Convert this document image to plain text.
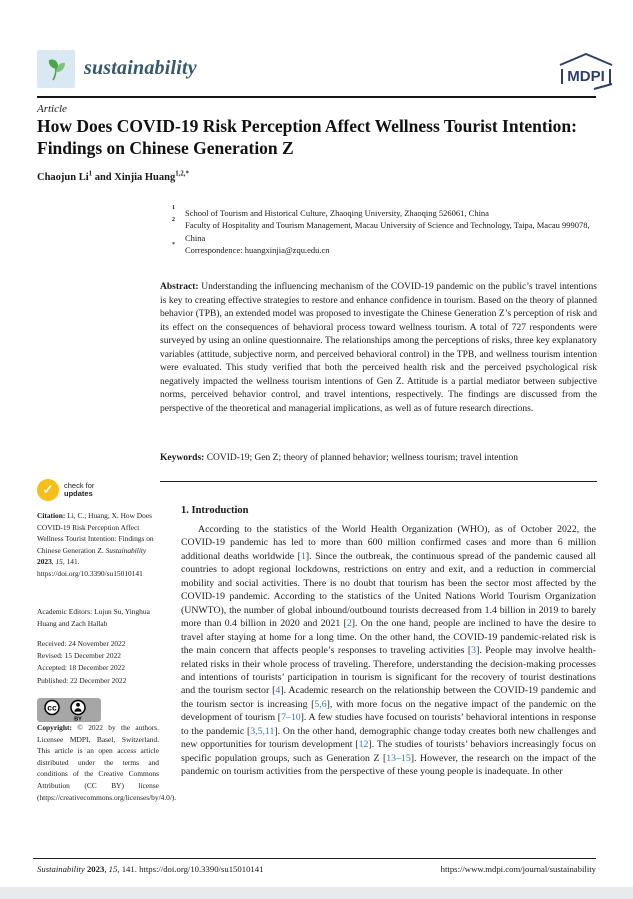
sustainability	MDPI
Article
How Does COVID-19 Risk Perception Affect Wellness Tourist Intention: Findings on Chinese Generation Z
Chaojun Li$^1$ and Xinjia Huang$^{1,2,*}$
1	School of Tourism and Historical Culture, Zhaoqing University, Zhaoqing 526061, China
2	Faculty of Hospitality and Tourism Management, Macau University of Science and Technology, Taipa, Macau 999078, China
*	Correspondence: huangxinjia@zqu.edu.cn

Abstract: Understanding the influencing mechanism of the COVID-19 pandemic on the public’s travel intentions is key to creating effective strategies to restore and enhance confidence in tourism. Based on the theory of planned behavior (TPB), an extended model was proposed to investigate the Chinese Generation Z’s perception of risk and its effect on the consequences of behavioral process toward wellness tourism. A total of 727 respondents were surveyed by using an online questionnaire. The relationships among the perceptions of risks, three key explanatory variables (attitude, subjective norm, and perceived behavioral control) in the TPB, and wellness tourism intention were evaluated. This study verified that both the perceived health risk and the perceived psychological risk negatively impacted the wellness tourism intentions of Gen Z. Attitude is a partial mediator between subjective norms, perceived behavior control, and travel intentions, respectively. The findings are discussed from the perspective of the theoretical and managerial implications, as well as of future research directions.

Keywords: COVID-19; Gen Z; theory of planned behavior; wellness tourism; travel intention

✓	check for
updates
Citation: Li, C.; Huang, X. How Does COVID-19 Risk Perception Affect Wellness Tourist Intention: Findings on Chinese Generation Z. Sustainability 2023, 15, 141. https://doi.org/10.3390/su15010141
Academic Editors: Lujun Su, Yinghua Huang and Zach Hallab
Received: 24 November 2022
Revised: 15 December 2022
Accepted: 18 December 2022
Published: 22 December 2022
cc
BY
Copyright: © 2022 by the authors. Licensee MDPI, Basel, Switzerland. This article is an open access article distributed under the terms and conditions of the Creative Commons Attribution (CC BY) license (https://creativecommons.org/licenses/by/4.0/).
1. Introduction

According to the statistics of the World Health Organization (WHO), as of October 2022, the COVID-19 pandemic has led to more than 600 million confirmed cases and more than 6 million additional deaths worldwide [1]. Since the outbreak, the continuous spread of the pandemic caused all countries to adopt regional lockdowns, restrictions on entry and exit, and a reduction in commercial mobility and social activities. There is no doubt that tourism has been the sector most affected by the COVID-19 pandemic. According to the statistics of the United Nations World Tourism Organization (UNWTO), the number of global inbound/outbound tourists decreased from 1.4 billion in 2019 to barely more than 0.4 billion in 2020 and 2021 [2]. On the one hand, people are inclined to have the desire to travel after staying at home for a long time. On the other hand, the COVID-19 pandemic-related risk is the main concern that affects people’s responses to traveling activities [3]. People may involve health-related risks in their whole process of traveling. Therefore, understanding the decision-making processes and intentions of tourists’ participation in tourism is significant for the recovery of tourist destinations and the tourism sector [4]. Academic research on the relationship between the COVID-19 pandemic and the tourism sector is increasing [5,6], with more focus on the negative impact of the pandemic on the development of tourism [7–10]. A few studies have focused on tourists’ behavioral intentions in response to the pandemic [3,5,11]. On the other hand, demographic change today creates both new challenges and new opportunities for tourism development [12]. The studies of tourists’ behaviors increasingly focus on specific population groups, such as Generation Z [13–15]. However, the research on the impact of the pandemic on tourism activities from the perspective of these young people is inadequate. In other

Sustainability 2023, 15, 141. https://doi.org/10.3390/su15010141	https://www.mdpi.com/journal/sustainability
